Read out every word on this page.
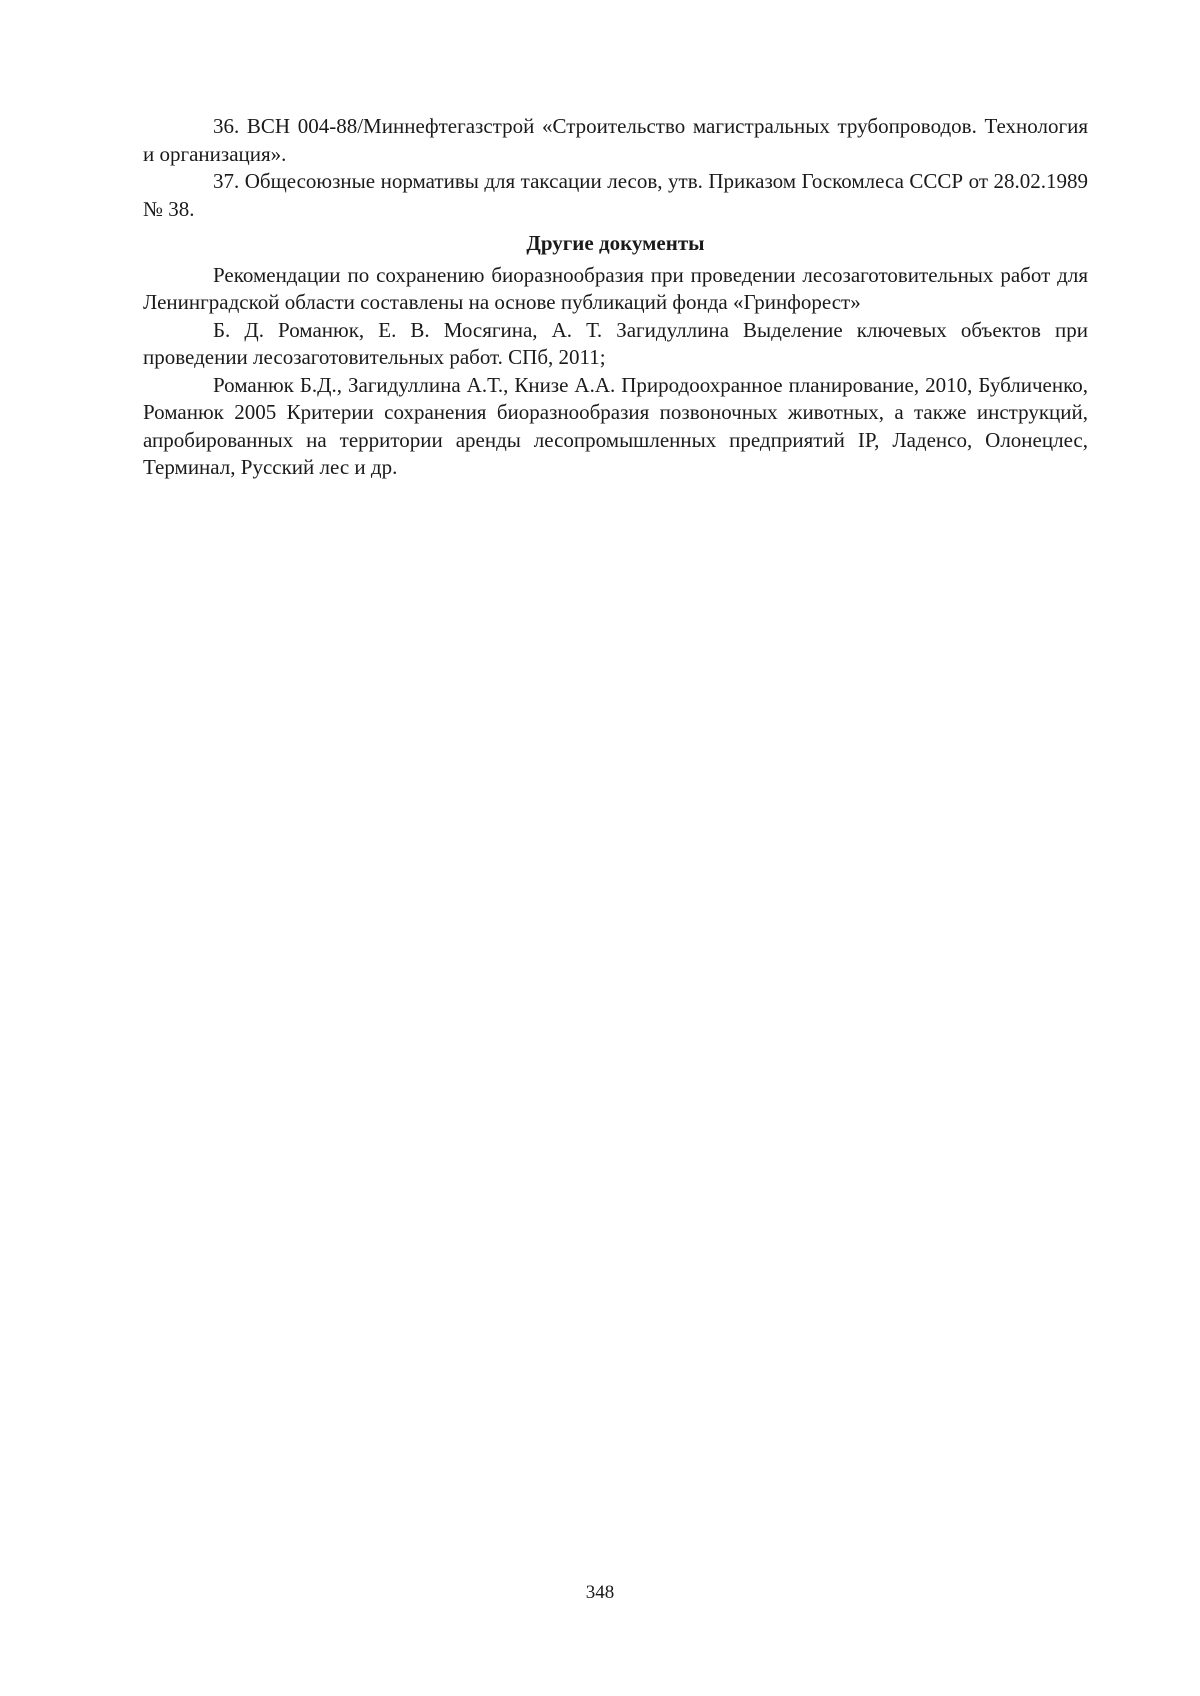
36. ВСН 004-88/Миннефтегазстрой «Строительство магистральных трубопроводов. Технология и организация».

37. Общесоюзные нормативы для таксации лесов, утв. Приказом Госкомлеса СССР от 28.02.1989 № 38.

Другие документы

Рекомендации по сохранению биоразнообразия при проведении лесозаготовительных работ для Ленинградской области составлены на основе публикаций фонда «Гринфорест»

Б. Д. Романюк, Е. В. Мосягина, А. Т. Загидуллина Выделение ключевых объектов при проведении лесозаготовительных работ. СПб, 2011;

Романюк Б.Д., Загидуллина А.Т., Книзе А.А. Природоохранное планирование, 2010, Бубличенко, Романюк 2005 Критерии сохранения биоразнообразия позвоночных животных, а также инструкций, апробированных на территории аренды лесопромышленных предприятий IP, Ладенсо, Олонецлес, Терминал, Русский лес и др.

348
